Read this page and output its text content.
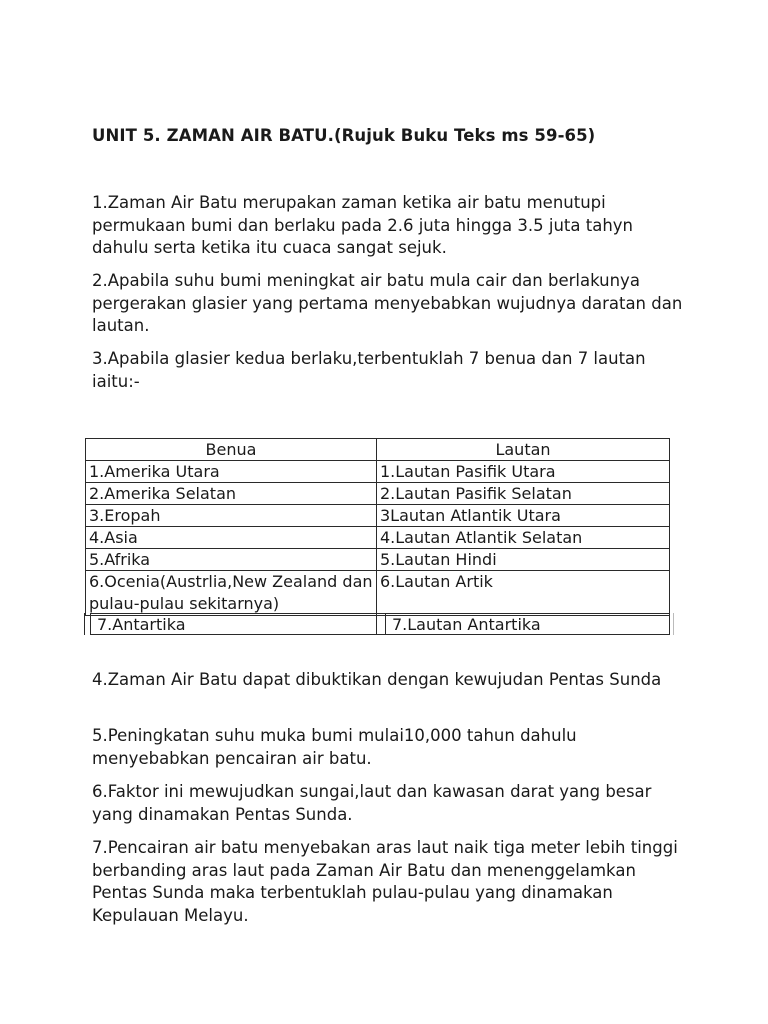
UNIT 5. ZAMAN AIR BATU.(Rujuk Buku Teks ms 59-65)

1.Zaman Air Batu merupakan zaman ketika air batu menutupi permukaan bumi dan berlaku pada 2.6 juta hingga 3.5 juta tahyn dahulu serta ketika itu cuaca sangat sejuk.

2.Apabila suhu bumi meningkat air batu mula cair dan berlakunya pergerakan glasier yang pertama menyebabkan wujudnya daratan dan lautan.

3.Apabila glasier kedua berlaku,terbentuklah 7 benua dan 7 lautan iaitu:-

Benua	Lautan
1.Amerika Utara	1.Lautan Pasifik Utara
2.Amerika Selatan	2.Lautan Pasifik Selatan
3.Eropah	3Lautan Atlantik Utara
4.Asia	4.Lautan Atlantik Selatan
5.Afrika	5.Lautan Hindi
6.Ocenia(Austrlia,New Zealand dan pulau-pulau sekitarnya)	6.Lautan Artik
7.Antartika	7.Lautan Antartika

4.Zaman Air Batu dapat dibuktikan dengan kewujudan Pentas Sunda

5.Peningkatan suhu muka bumi mulai10,000 tahun dahulu menyebabkan pencairan air batu.

6.Faktor ini mewujudkan sungai,laut dan kawasan darat yang besar yang dinamakan Pentas Sunda.

7.Pencairan air batu menyebakan aras laut naik tiga meter lebih tinggi berbanding aras laut pada Zaman Air Batu dan menenggelamkan Pentas Sunda maka terbentuklah pulau-pulau yang dinamakan Kepulauan Melayu.
